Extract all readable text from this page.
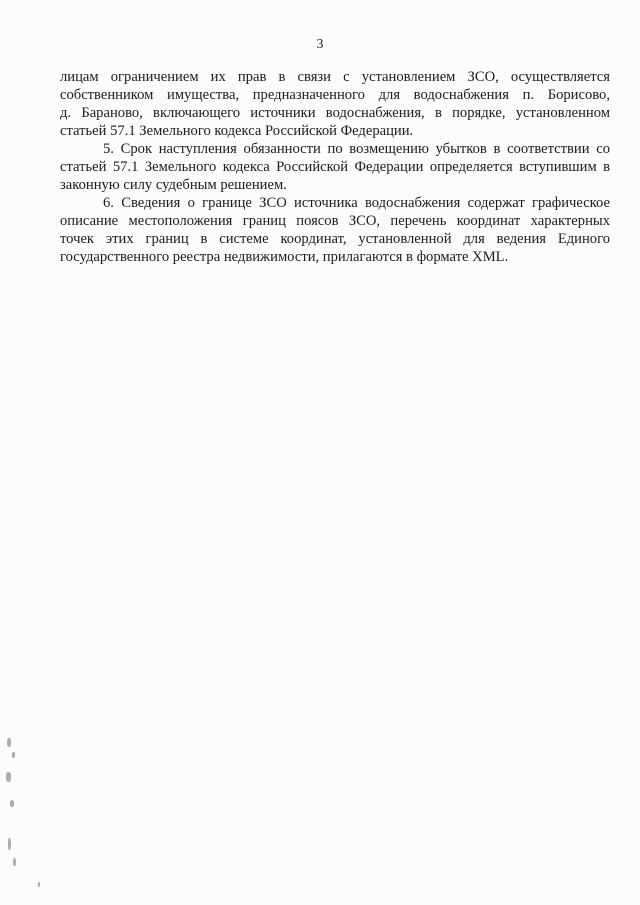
3
лицам ограничением их прав в связи с установлением ЗСО, осуществляется
собственником имущества, предназначенного для водоснабжения п. Борисово,
д. Бараново, включающего источники водоснабжения, в порядке, установленном
статьей 57.1 Земельного кодекса Российской Федерации.
5. Срок наступления обязанности по возмещению убытков в соответствии со
статьей 57.1 Земельного кодекса Российской Федерации определяется вступившим в
законную силу судебным решением.
6. Сведения о границе ЗСО источника водоснабжения содержат графическое
описание местоположения границ поясов ЗСО, перечень координат характерных
точек этих границ в системе координат, установленной для ведения Единого
государственного реестра недвижимости, прилагаются в формате XML.
